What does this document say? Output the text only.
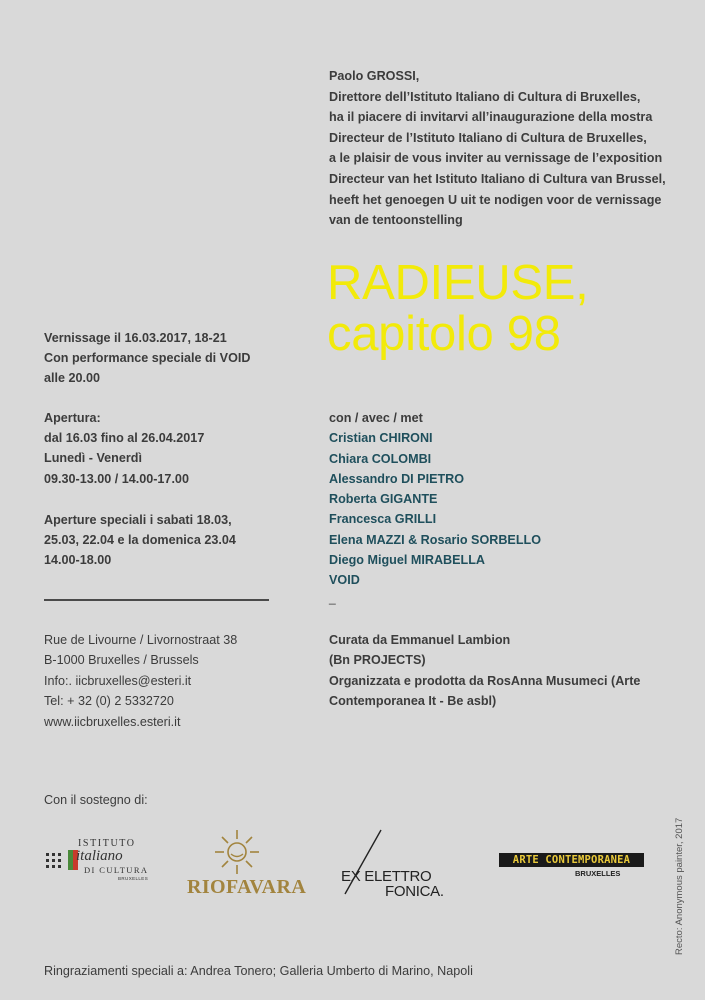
Paolo GROSSI,
Direttore dell’Istituto Italiano di Cultura di Bruxelles,
ha il piacere di invitarvi all’inaugurazione della mostra
Directeur de l’Istituto Italiano di Cultura de Bruxelles,
a le plaisir de vous inviter au vernissage de l’exposition
Directeur van het Istituto Italiano di Cultura van Brussel,
heeft het genoegen U uit te nodigen voor de vernissage
van de tentoonstelling
RADIEUSE,
capitolo 98
Vernissage il 16.03.2017, 18-21
Con performance speciale di VOID
alle 20.00
Apertura:
dal 16.03 fino al 26.04.2017
Lunedì - Venerdì
09.30-13.00 / 14.00-17.00
Aperture speciali i sabati 18.03,
25.03, 22.04 e la domenica 23.04
14.00-18.00
con / avec / met
Cristian CHIRONI
Chiara COLOMBI
Alessandro DI PIETRO
Roberta GIGANTE
Francesca GRILLI
Elena MAZZI & Rosario SORBELLO
Diego Miguel MIRABELLA
VOID
_
Rue de Livourne / Livornostraat 38
B-1000 Bruxelles / Brussels
Info:. iicbruxelles@esteri.it
Tel: + 32 (0) 2 5332720
www.iicbruxelles.esteri.it
Curata da Emmanuel Lambion
(Bn PROJECTS)
Organizzata e prodotta da RosAnna Musumeci (Arte
Contemporanea It - Be asbl)
Con il sostegno di:
ISTITUTO
italiano
DI CULTURA
BRUXELLES RIOFAVARA EX ELETTRO
FONICA.
ARTE CONTEMPORANEA
BRUXELLES
Ringraziamenti speciali a: Andrea Tonero; Galleria Umberto di Marino, Napoli
Recto: Anonymous painter, 2017
